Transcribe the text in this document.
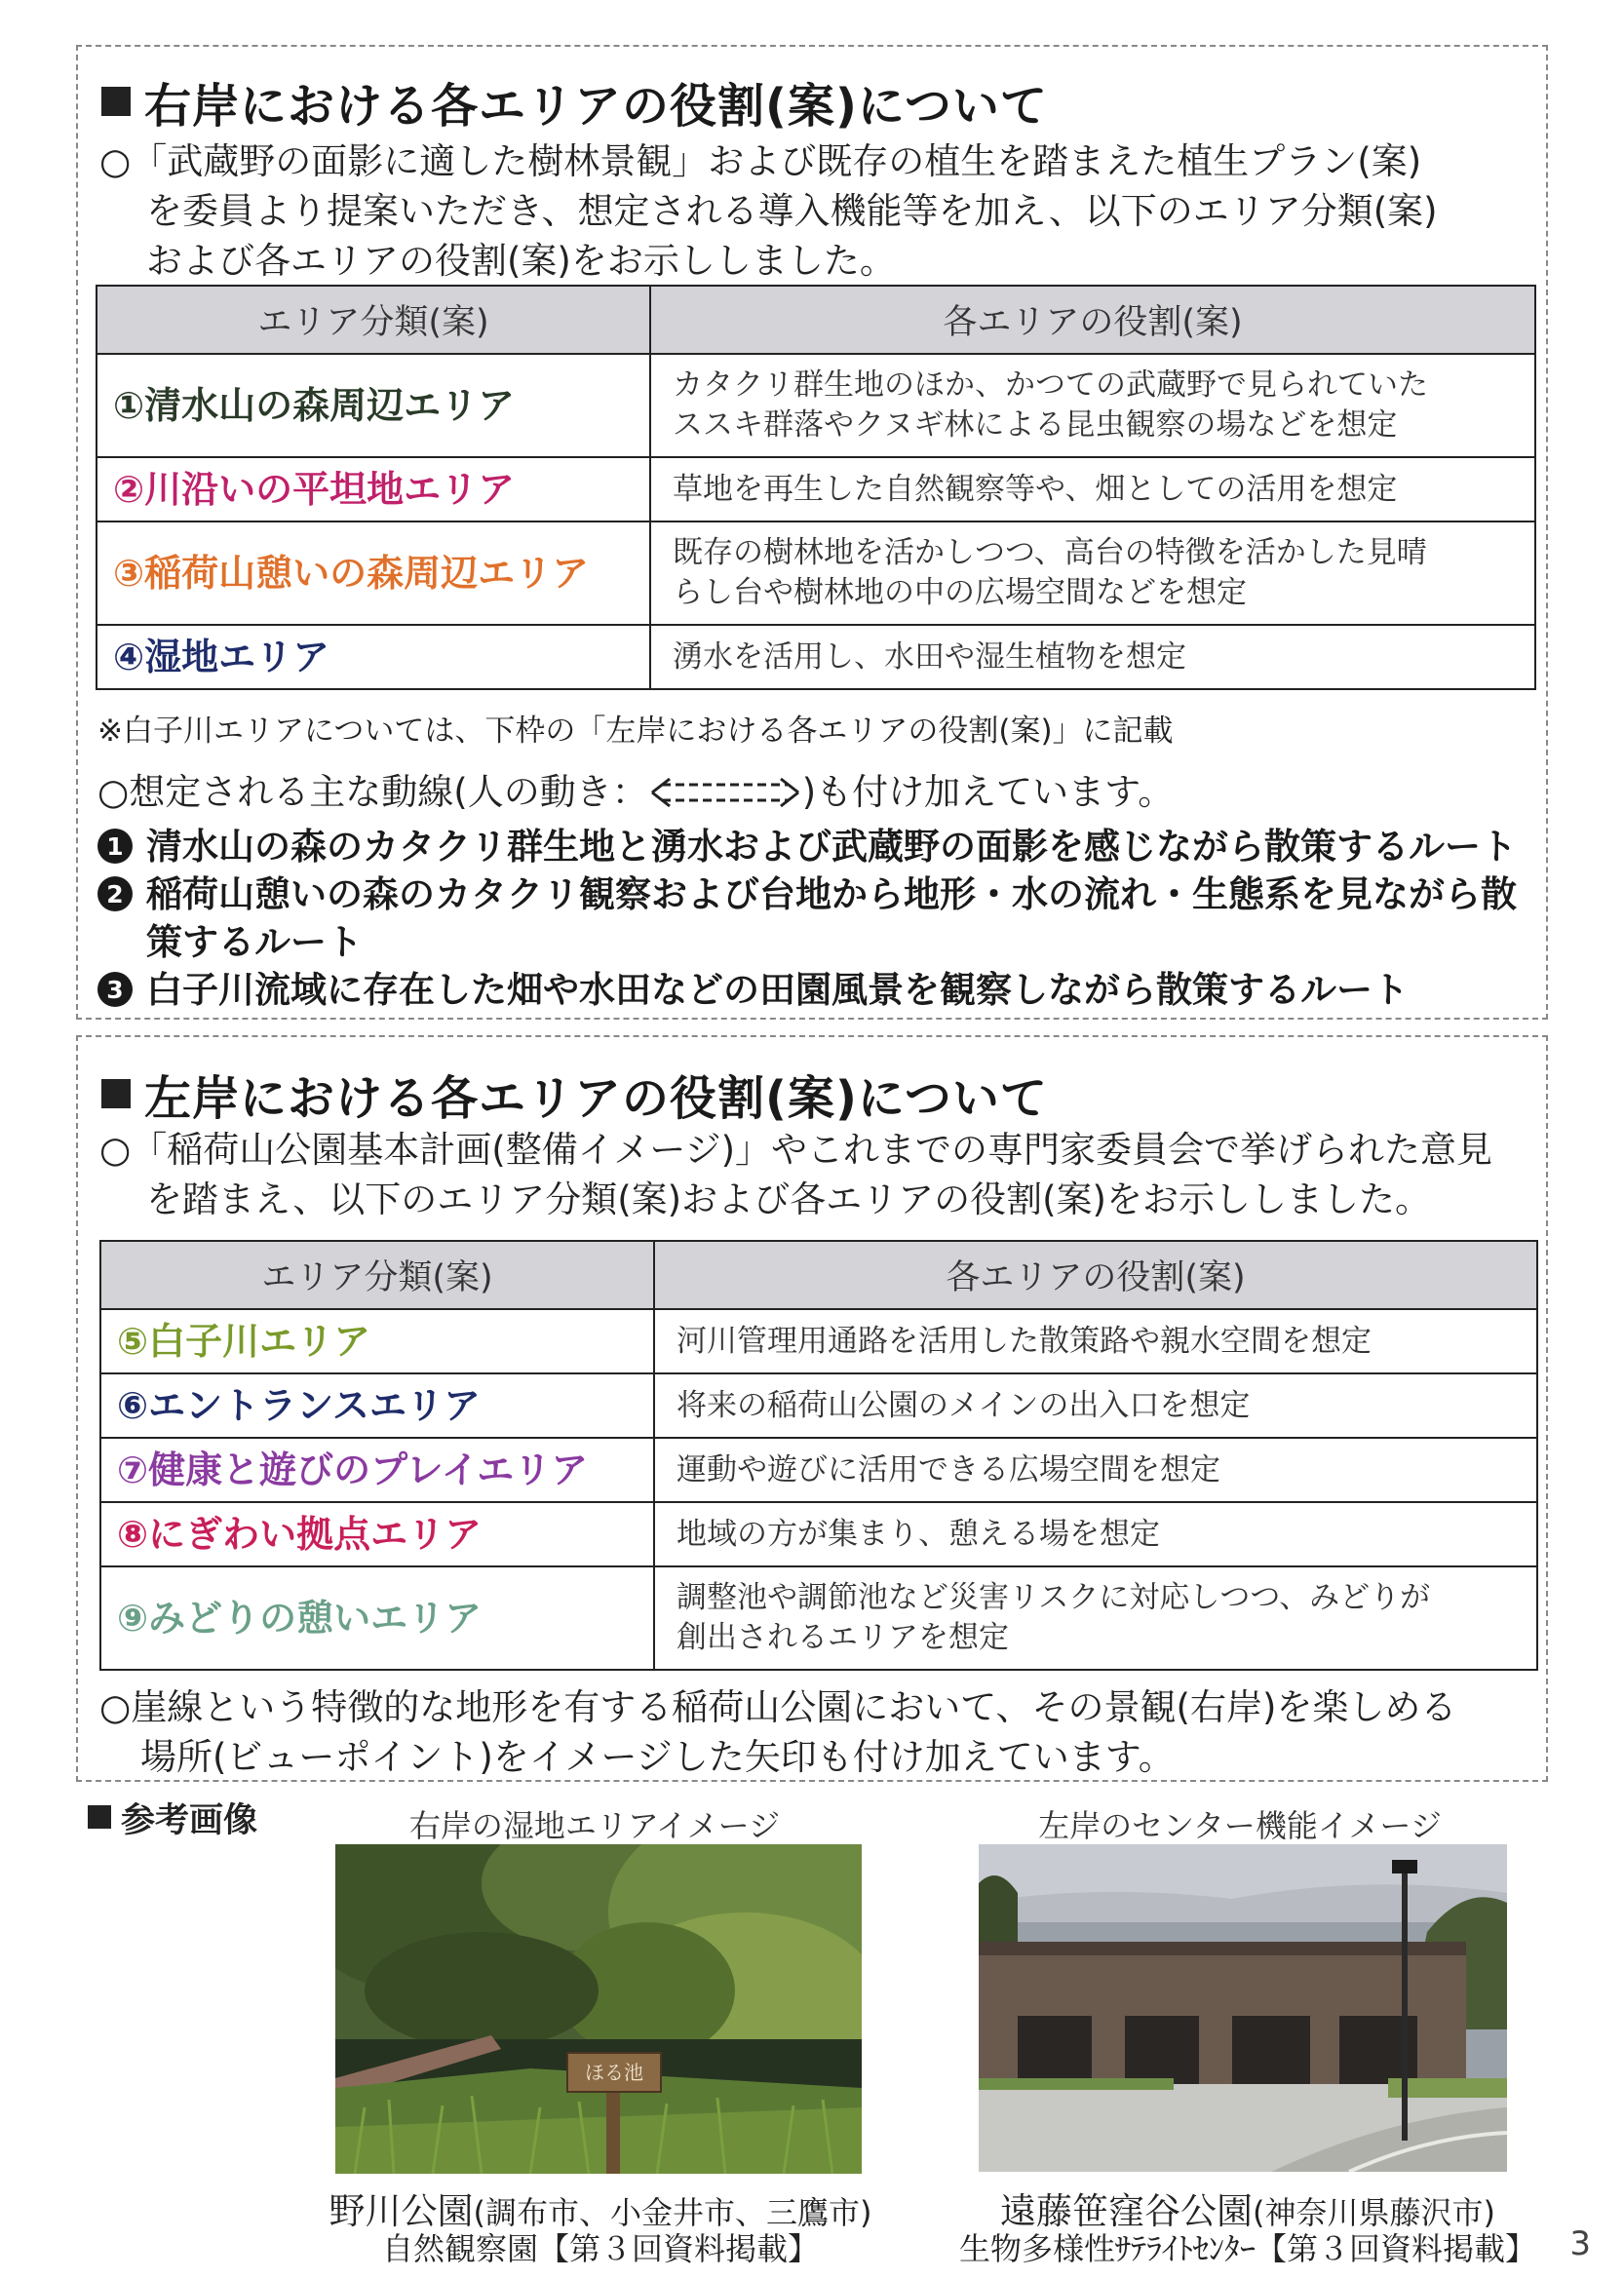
右岸における各エリアの役割(案)について
○「武蔵野の面影に適した樹林景観」および既存の植生を踏まえた植生プラン(案)
を委員より提案いただき、想定される導入機能等を加え、以下のエリア分類(案)
および各エリアの役割(案)をお示ししました。
エリア分類(案)	各エリアの役割(案)
①清水山の森周辺エリア	カタクリ群生地のほか、かつての武蔵野で見られていた
ススキ群落やクヌギ林による昆虫観察の場などを想定
②川沿いの平坦地エリア	草地を再生した自然観察等や、畑としての活用を想定
③稲荷山憩いの森周辺エリア	既存の樹林地を活かしつつ、高台の特徴を活かした見晴
らし台や樹林地の中の広場空間などを想定
④湿地エリア	湧水を活用し、水田や湿生植物を想定
※白子川エリアについては、下枠の「左岸における各エリアの役割(案)」に記載
○想定される主な動線(人の動き：	)も付け加えています。
1 清水山の森のカタクリ群生地と湧水および武蔵野の面影を感じながら散策するルート
2 稲荷山憩いの森のカタクリ観察および台地から地形・水の流れ・生態系を見ながら散策するルート
3 白子川流域に存在した畑や水田などの田園風景を観察しながら散策するルート
左岸における各エリアの役割(案)について
○「稲荷山公園基本計画(整備イメージ)」やこれまでの専門家委員会で挙げられた意見
を踏まえ、以下のエリア分類(案)および各エリアの役割(案)をお示ししました。
エリア分類(案)	各エリアの役割(案)
⑤白子川エリア	河川管理用通路を活用した散策路や親水空間を想定
⑥エントランスエリア	将来の稲荷山公園のメインの出入口を想定
⑦健康と遊びのプレイエリア	運動や遊びに活用できる広場空間を想定
⑧にぎわい拠点エリア	地域の方が集まり、憩える場を想定
⑨みどりの憩いエリア	調整池や調節池など災害リスクに対応しつつ、みどりが
創出されるエリアを想定
○崖線という特徴的な地形を有する稲荷山公園において、その景観(右岸)を楽しめる
場所(ビューポイント)をイメージした矢印も付け加えています。
参考画像	右岸の湿地エリアイメージ	左岸のセンター機能イメージ
ほる池
野川公園(調布市、小金井市、三鷹市)
自然観察園【第３回資料掲載】
遠藤笹窪谷公園(神奈川県藤沢市)
生物多様性ｻﾃﾗｲﾄｾﾝﾀｰ【第３回資料掲載】	3
